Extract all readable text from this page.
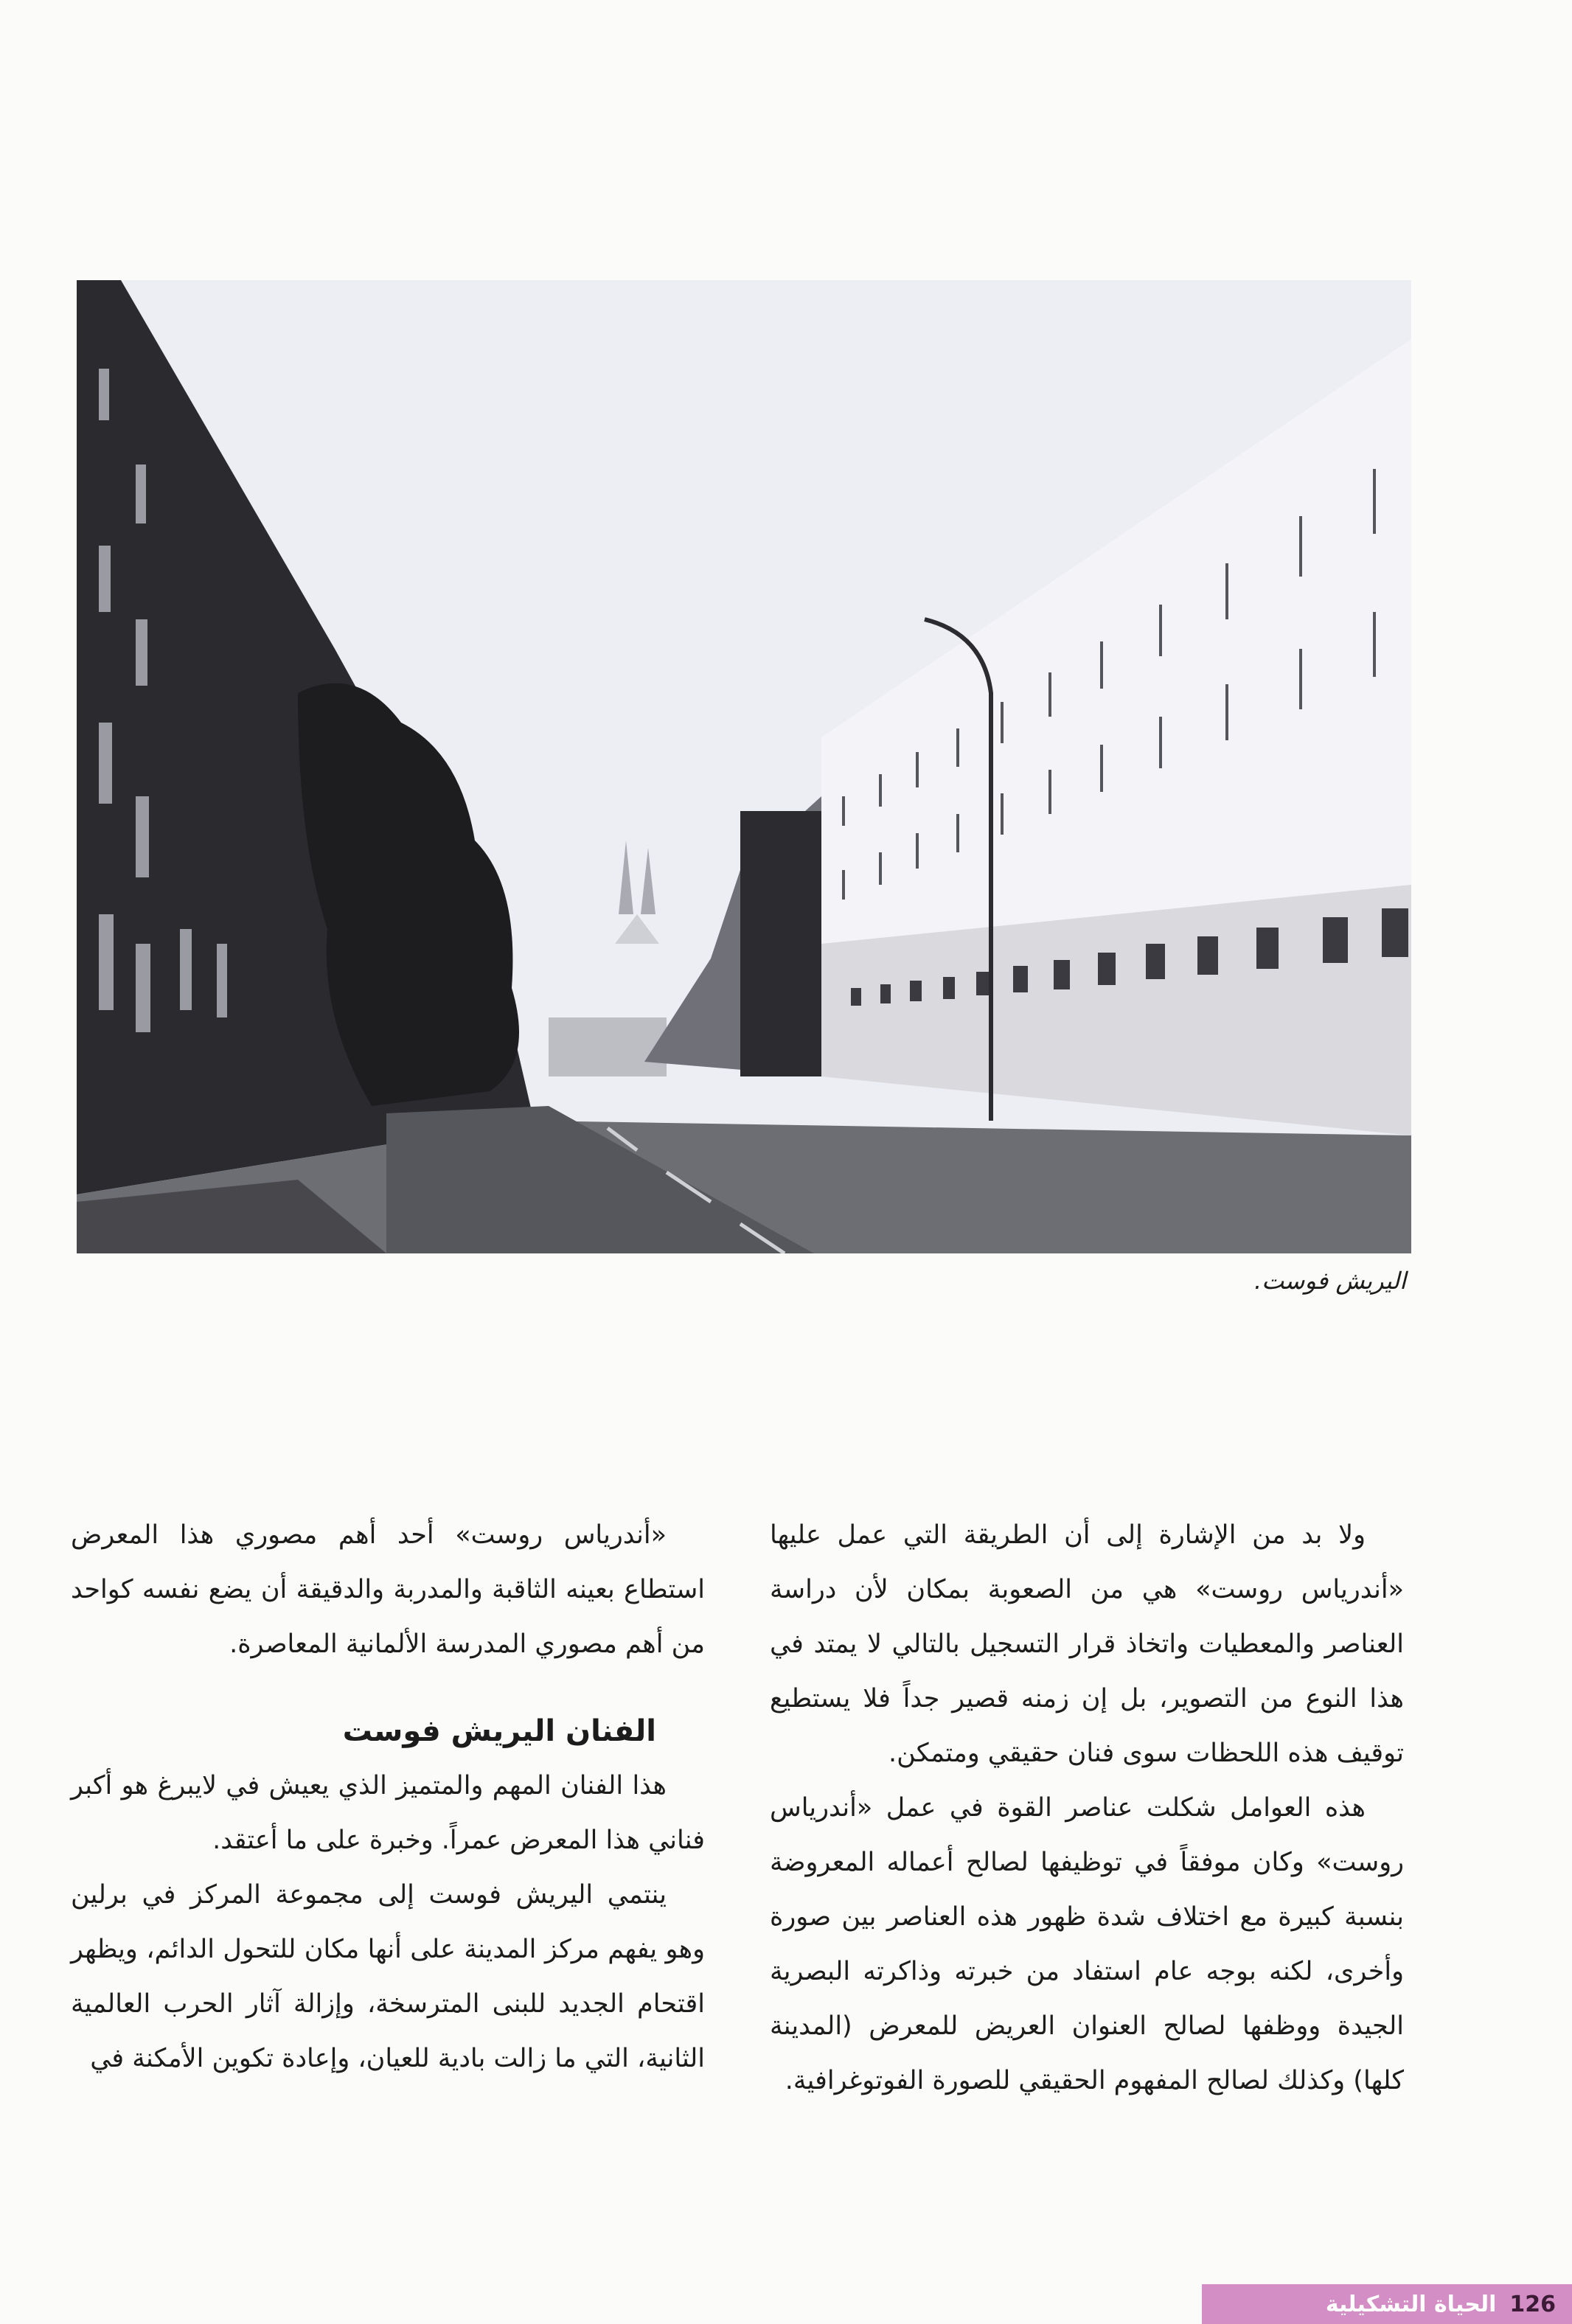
اليريش فوست.

ولا بد من الإشارة إلى أن الطريقة التي عمل عليها «أندرياس روست» هي من الصعوبة بمكان لأن دراسة العناصر والمعطيات واتخاذ قرار التسجيل بالتالي لا يمتد في هذا النوع من التصوير، بل إن زمنه قصير جداً فلا يستطيع توقيف هذه اللحظات سوى فنان حقيقي ومتمكن.

هذه العوامل شكلت عناصر القوة في عمل «أندرياس روست» وكان موفقاً في توظيفها لصالح أعماله المعروضة بنسبة كبيرة مع اختلاف شدة ظهور هذه العناصر بين صورة وأخرى، لكنه بوجه عام استفاد من خبرته وذاكرته البصرية الجيدة ووظفها لصالح العنوان العريض للمعرض (المدينة كلها) وكذلك لصالح المفهوم الحقيقي للصورة الفوتوغرافية.

«أندرياس روست» أحد أهم مصوري هذا المعرض استطاع بعينه الثاقبة والمدربة والدقيقة أن يضع نفسه كواحد من أهم مصوري المدرسة الألمانية المعاصرة.

الفنان اليريش فوست

هذا الفنان المهم والمتميز الذي يعيش في لايبرغ هو أكبر فناني هذا المعرض عمراً. وخبرة على ما أعتقد.

ينتمي اليريش فوست إلى مجموعة المركز في برلين وهو يفهم مركز المدينة على أنها مكان للتحول الدائم، ويظهر اقتحام الجديد للبنى المترسخة، وإزالة آثار الحرب العالمية الثانية، التي ما زالت بادية للعيان، وإعادة تكوين الأمكنة في

126
الحياة التشكيلية
